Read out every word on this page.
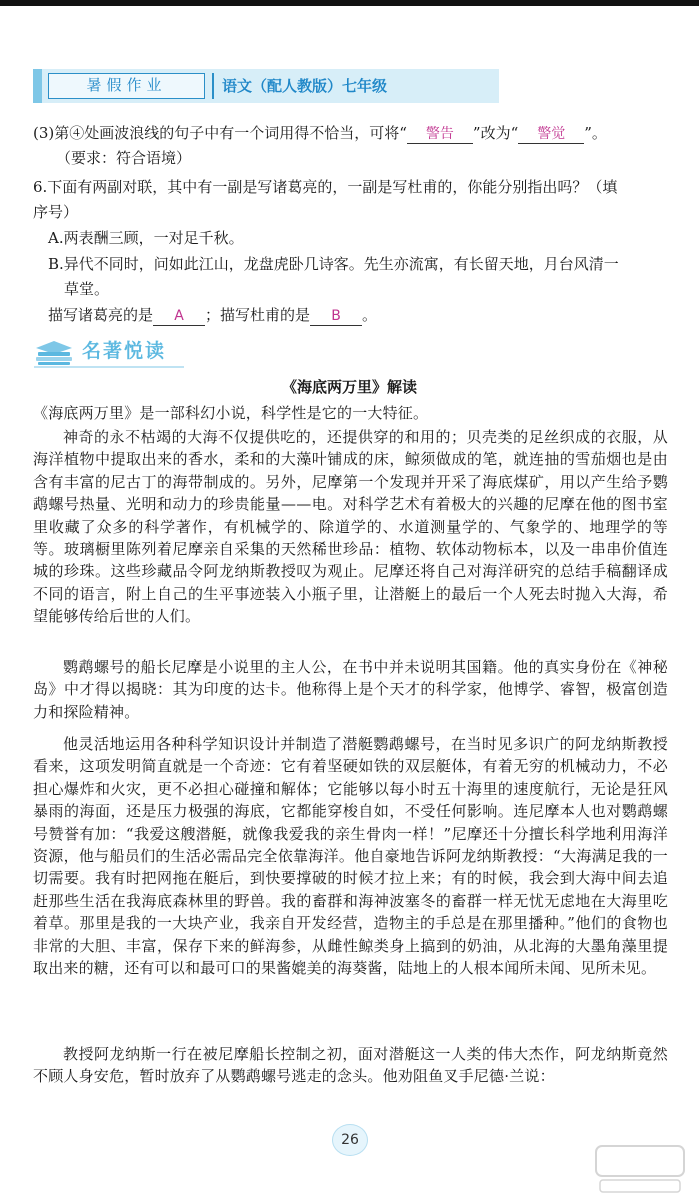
暑假作业	语文（配人教版）七年级
(3)第④处画波浪线的句子中有一个词用得不恰当，可将“ 警告 ”改为“ 警觉 ”。
（要求：符合语境）
6.下面有两副对联，其中有一副是写诸葛亮的，一副是写杜甫的，你能分别指出吗？（填
序号）
A.两表酬三顾，一对足千秋。
B.异代不同时，问如此江山，龙盘虎卧几诗客。先生亦流寓，有长留天地，月台风清一
草堂。
描写诸葛亮的是 A ；描写杜甫的是 B 。
名著悦读
《海底两万里》解读
《海底两万里》是一部科幻小说，科学性是它的一大特征。
神奇的永不枯竭的大海不仅提供吃的，还提供穿的和用的；贝壳类的足丝织成的衣服，从海洋植物中提取出来的香水，柔和的大藻叶铺成的床，鲸须做成的笔，就连抽的雪茄烟也是由含有丰富的尼古丁的海带制成的。另外，尼摩第一个发现并开采了海底煤矿，用以产生给予鹦鹉螺号热量、光明和动力的珍贵能量——电。对科学艺术有着极大的兴趣的尼摩在他的图书室里收藏了众多的科学著作，有机械学的、除道学的、水道测量学的、气象学的、地理学的等等。玻璃橱里陈列着尼摩亲自采集的天然稀世珍品：植物、软体动物标本，以及一串串价值连城的珍珠。这些珍藏品令阿龙纳斯教授叹为观止。尼摩还将自己对海洋研究的总结手稿翻译成不同的语言，附上自己的生平事迹装入小瓶子里，让潜艇上的最后一个人死去时抛入大海，希望能够传给后世的人们。
鹦鹉螺号的船长尼摩是小说里的主人公，在书中并未说明其国籍。他的真实身份在《神秘岛》中才得以揭晓：其为印度的达卡。他称得上是个天才的科学家，他博学、睿智，极富创造力和探险精神。
他灵活地运用各种科学知识设计并制造了潜艇鹦鹉螺号，在当时见多识广的阿龙纳斯教授看来，这项发明简直就是一个奇迹：它有着坚硬如铁的双层艇体，有着无穷的机械动力，不必担心爆炸和火灾，更不必担心碰撞和解体；它能够以每小时五十海里的速度航行，无论是狂风暴雨的海面，还是压力极强的海底，它都能穿梭自如，不受任何影响。连尼摩本人也对鹦鹉螺号赞誉有加：“我爱这艘潜艇，就像我爱我的亲生骨肉一样！”尼摩还十分擅长科学地利用海洋资源，他与船员们的生活必需品完全依靠海洋。他自豪地告诉阿龙纳斯教授：“大海满足我的一切需要。我有时把网拖在艇后，到快要撑破的时候才拉上来；有的时候，我会到大海中间去追赶那些生活在我海底森林里的野兽。我的畜群和海神波塞冬的畜群一样无忧无虑地在大海里吃着草。那里是我的一大块产业，我亲自开发经营，造物主的手总是在那里播种。”他们的食物也非常的大胆、丰富，保存下来的鲜海参，从雌性鲸类身上搞到的奶油，从北海的大墨角藻里提取出来的糖，还有可以和最可口的果酱媲美的海葵酱，陆地上的人根本闻所未闻、见所未见。
教授阿龙纳斯一行在被尼摩船长控制之初，面对潜艇这一人类的伟大杰作，阿龙纳斯竟然不顾人身安危，暂时放弃了从鹦鹉螺号逃走的念头。他劝阻鱼叉手尼德·兰说：
26
